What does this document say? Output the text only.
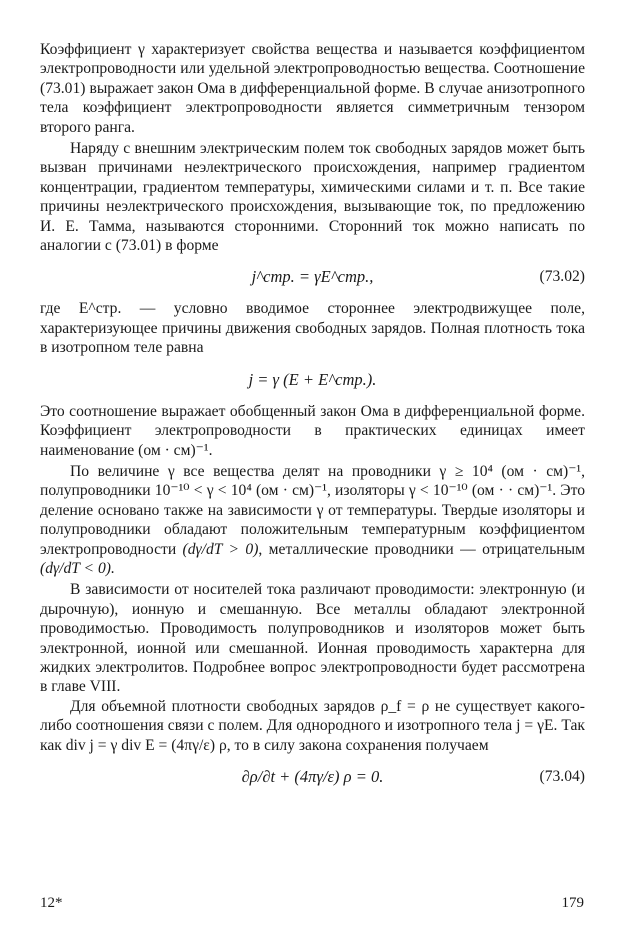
Коэффициент γ характеризует свойства вещества и называется коэффициентом электропроводности или удельной электропроводностью вещества. Соотношение (73.01) выражает закон Ома в дифференциальной форме. В случае анизотропного тела коэффициент электропроводности является симметричным тензором второго ранга.

Наряду с внешним электрическим полем ток свободных зарядов может быть вызван причинами неэлектрического происхождения, например градиентом концентрации, градиентом температуры, химическими силами и т. п. Все такие причины неэлектрического происхождения, вызывающие ток, по предложению И. Е. Тамма, называются сторонними. Сторонний ток можно написать по аналогии с (73.01) в форме

j^стр. = γE^стр.,	(73.02)

где E^стр. — условно вводимое стороннее электродвижущее поле, характеризующее причины движения свободных зарядов. Полная плотность тока в изотропном теле равна

j = γ (E + E^стр.).

Это соотношение выражает обобщенный закон Ома в дифференциальной форме. Коэффициент электропроводности в практических единицах имеет наименование (ом · см)⁻¹.

По величине γ все вещества делят на проводники γ ≥ 10⁴ (ом · см)⁻¹, полупроводники 10⁻¹⁰ < γ < 10⁴ (ом · см)⁻¹, изоляторы γ < 10⁻¹⁰ (ом · · см)⁻¹. Это деление основано также на зависимости γ от температуры. Твердые изоляторы и полупроводники обладают положительным температурным коэффициентом электропроводности (dγ/dT > 0), металлические проводники — отрицательным (dγ/dT < 0).

В зависимости от носителей тока различают проводимости: электронную (и дырочную), ионную и смешанную. Все металлы обладают электронной проводимостью. Проводимость полупроводников и изоляторов может быть электронной, ионной или смешанной. Ионная проводимость характерна для жидких электролитов. Подробнее вопрос электропроводности будет рассмотрена в главе VIII.

Для объемной плотности свободных зарядов ρ_f = ρ не существует какого-либо соотношения связи с полем. Для однородного и изотропного тела j = γE. Так как div j = γ div E = (4πγ/ε) ρ, то в силу закона сохранения получаем

∂ρ/∂t + (4πγ/ε) ρ = 0.	(73.04)
12*	179
